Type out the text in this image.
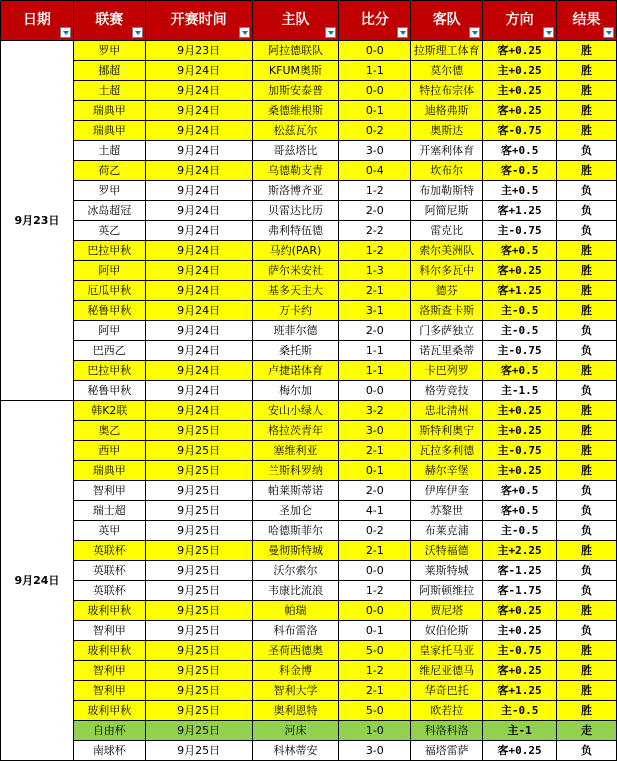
日期	联赛	开赛时间	主队	比分	客队	方向	结果

9月23日	罗甲	9月23日	阿拉德联队	0-0	拉斯理工体育	客+0.25	胜
	挪超	9月24日	KFUM奥斯	1-1	莫尔德	主+0.25	胜
	土超	9月24日	加斯安泰普	0-0	特拉布宗体	主+0.25	胜
	瑞典甲	9月24日	桑德维根斯	0-1	迪格弗斯	客+0.25	胜
	瑞典甲	9月24日	松兹瓦尔	0-2	奥斯达	客-0.75	胜
	土超	9月24日	哥兹塔比	3-0	开塞利体育	客+0.5	负
	荷乙	9月24日	乌德勒支青	0-4	坎布尔	客-0.5	胜
	罗甲	9月24日	斯洛博齐亚	1-2	布加勒斯特	主+0.5	负
	冰岛超冠	9月24日	贝雷达比历	2-0	阿简尼斯	客+1.25	负
	英乙	9月24日	弗利特伍德	2-2	雷克比	主-0.75	负
	巴拉甲秋	9月24日	马约(PAR)	1-2	索尔美洲队	客+0.5	胜
	阿甲	9月24日	萨尔米安社	1-3	科尔多瓦中	客+0.25	胜
	厄瓜甲秋	9月24日	基多天主大	2-1	德芬	客+1.25	胜
	秘鲁甲秋	9月24日	万卡约	3-1	洛斯查卡斯	主-0.5	胜
	阿甲	9月24日	班菲尔德	2-0	门多萨独立	主-0.5	负
	巴西乙	9月24日	桑托斯	1-1	诺瓦里桑蒂	主-0.75	负
	巴拉甲秋	9月24日	卢捷诺体育	1-1	卡巴列罗	客+0.5	胜
	秘鲁甲秋	9月24日	梅尔加	0-0	格劳竞技	主-1.5	负
9月24日	韩K2联	9月24日	安山小绿人	3-2	忠北清州	主+0.25	胜
	奥乙	9月25日	格拉茨青年	3-0	斯特利奥宁	主+0.25	胜
	西甲	9月25日	塞维利亚	2-1	瓦拉多利德	主-0.75	胜
	瑞典甲	9月25日	兰斯科罗纳	0-1	赫尔辛堡	主+0.25	胜
	智利甲	9月25日	帕莱斯蒂诺	2-0	伊库伊奎	客+0.5	负
	瑞士超	9月25日	圣加仑	4-1	苏黎世	客+0.5	负
	英甲	9月25日	哈德斯菲尔	0-2	布莱克浦	主-0.5	负
	英联杯	9月25日	曼彻斯特城	2-1	沃特福德	主+2.25	胜
	英联杯	9月25日	沃尔索尔	0-0	莱斯特城	客-1.25	负
	英联杯	9月25日	韦康比流浪	1-2	阿斯顿维拉	客-1.75	负
	玻利甲秋	9月25日	帕瑞	0-0	贾尼塔	客+0.25	胜
	智利甲	9月25日	科布雷洛	0-1	奴伯伦斯	主+0.25	负
	玻利甲秋	9月25日	圣荷西德奥	5-0	皇家托马亚	主-0.75	胜
	智利甲	9月25日	科金博	1-2	维尼亚德马	客+0.25	胜
	智利甲	9月25日	智利大学	2-1	华奇巴托	客+1.25	胜
	玻利甲秋	9月25日	奥利恩特	5-0	欧若拉	主-0.5	胜
	自由杯	9月25日	河床	1-0	科洛科洛	主-1	走
	南球杯	9月25日	科林蒂安	3-0	福塔雷萨	客+0.25	负
